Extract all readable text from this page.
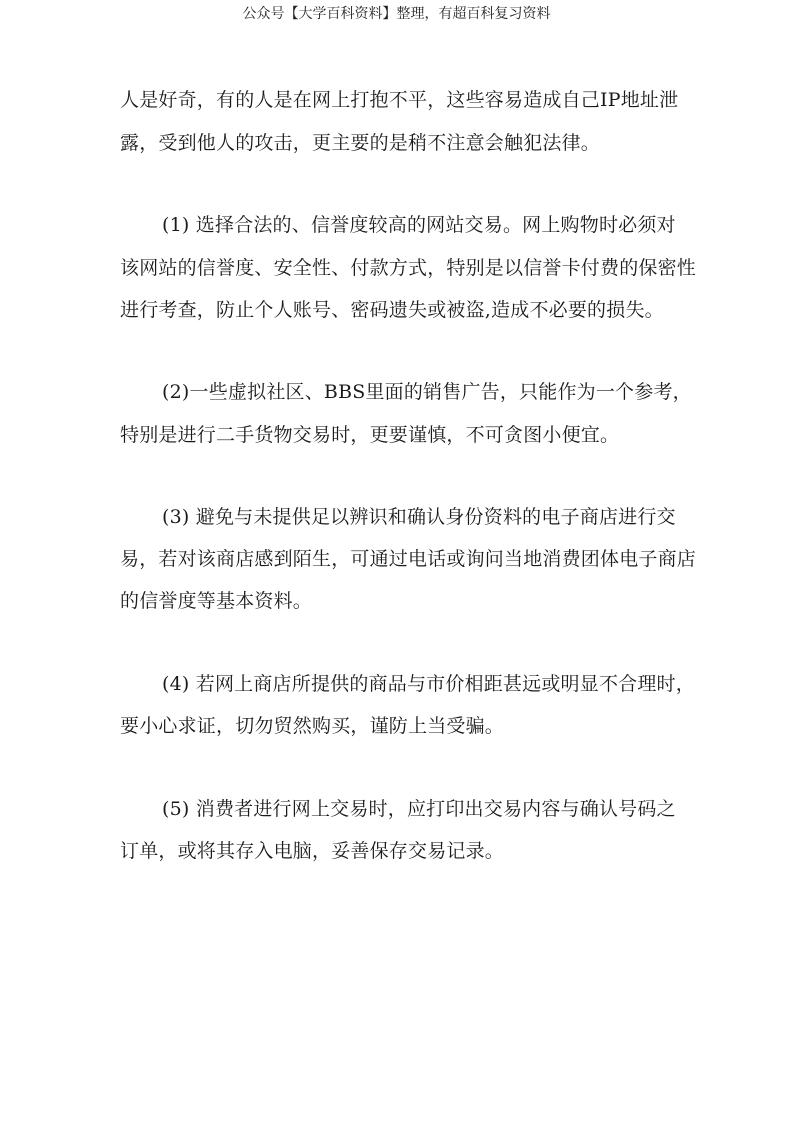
公众号【大学百科资料】整理，有超百科复习资料
人是好奇，有的人是在网上打抱不平，这些容易造成自己IP地址泄
露，受到他人的攻击，更主要的是稍不注意会触犯法律。
(1) 选择合法的、信誉度较高的网站交易。网上购物时必须对
该网站的信誉度、安全性、付款方式，特别是以信誉卡付费的保密性
进行考查，防止个人账号、密码遗失或被盗,造成不必要的损失。
(2)一些虚拟社区、BBS里面的销售广告，只能作为一个参考，
特别是进行二手货物交易时，更要谨慎，不可贪图小便宜。
(3) 避免与未提供足以辨识和确认身份资料的电子商店进行交
易，若对该商店感到陌生，可通过电话或询问当地消费团体电子商店
的信誉度等基本资料。
(4) 若网上商店所提供的商品与市价相距甚远或明显不合理时，
要小心求证，切勿贸然购买，谨防上当受骗。
(5) 消费者进行网上交易时，应打印出交易内容与确认号码之
订单，或将其存入电脑，妥善保存交易记录。
